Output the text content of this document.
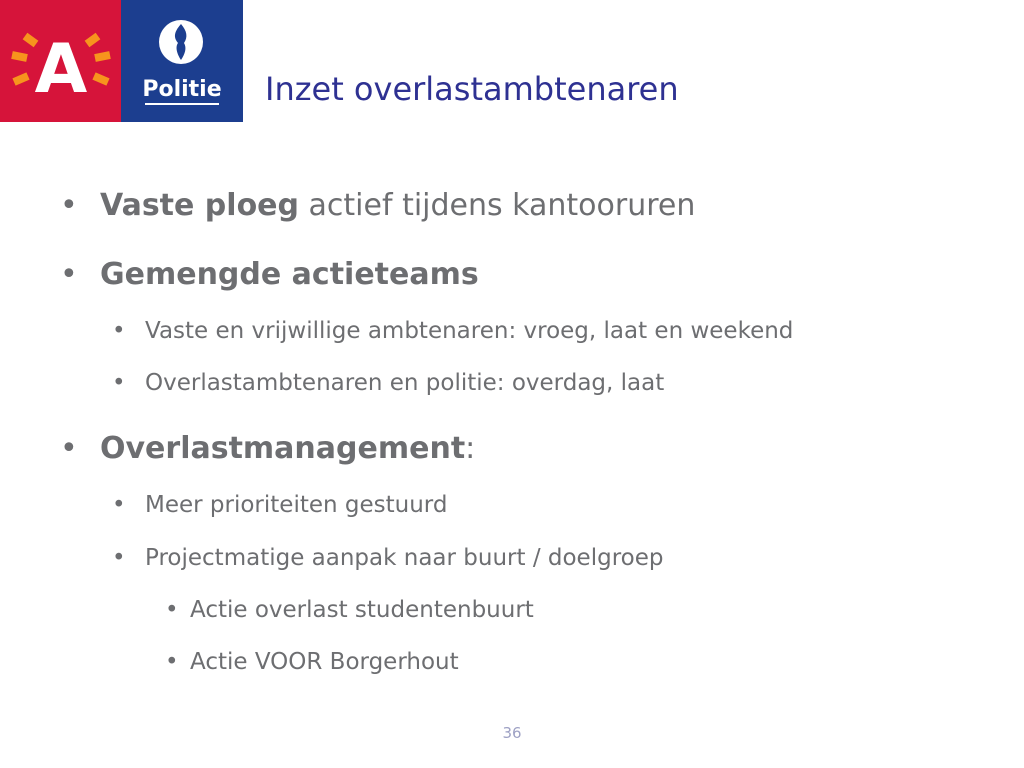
A	Politie Inzet overlastambtenaren
• Vaste ploeg actief tijdens kantooruren
• Gemengde actieteams
• Vaste en vrijwillige ambtenaren: vroeg, laat en weekend
• Overlastambtenaren en politie: overdag, laat
• Overlastmanagement:
• Meer prioriteiten gestuurd
• Projectmatige aanpak naar buurt / doelgroep
• Actie overlast studentenbuurt
• Actie VOOR Borgerhout
36
